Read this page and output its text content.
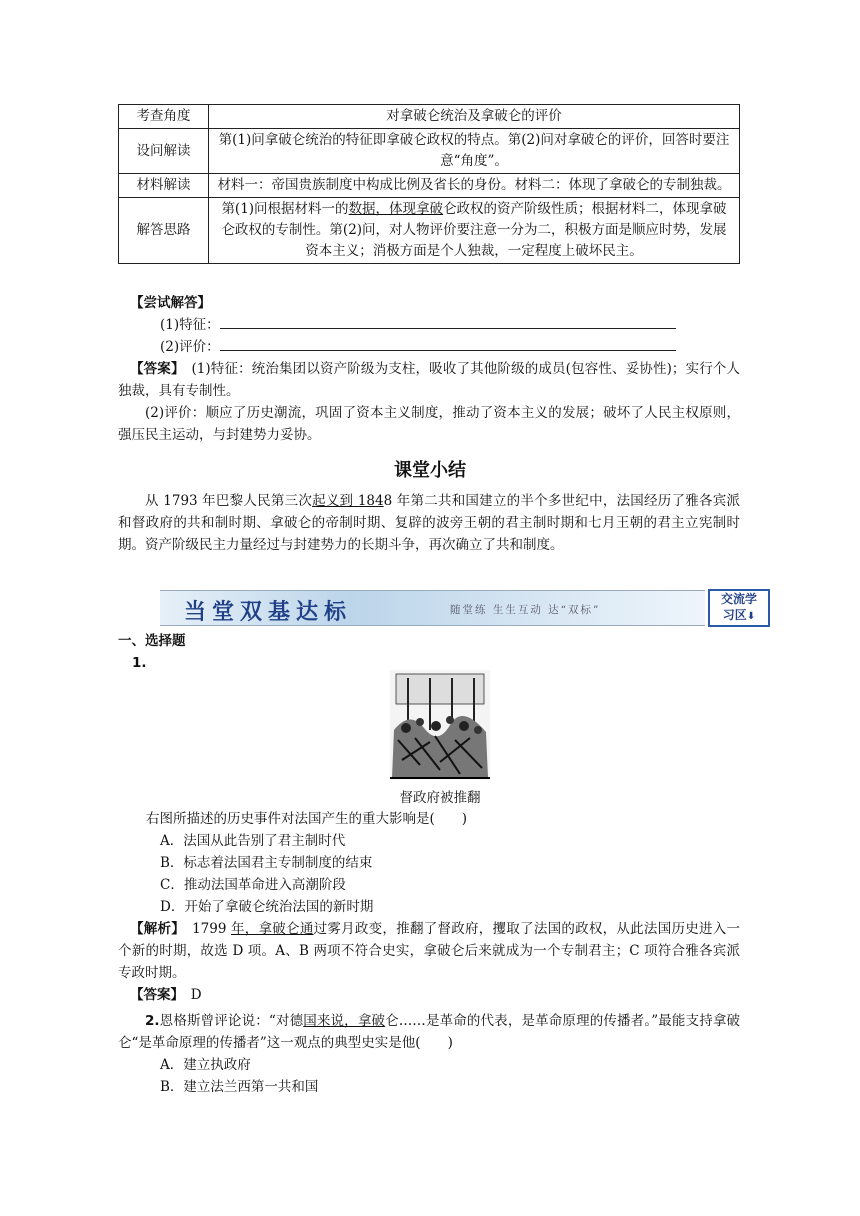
考查角度	对拿破仑统治及拿破仑的评价
设问解读	第(1)问拿破仑统治的特征即拿破仑政权的特点。第(2)问对拿破仑的评价，回答时要注意“角度”。
材料解读	材料一：帝国贵族制度中构成比例及省长的身份。材料二：体现了拿破仑的专制独裁。
解答思路	第(1)问根据材料一的数据，体现拿破仑政权的资产阶级性质；根据材料二，体现拿破仑政权的专制性。第(2)问，对人物评价要注意一分为二，积极方面是顺应时势，发展资本主义；消极方面是个人独裁，一定程度上破坏民主。
【尝试解答】
(1)特征：
(2)评价：
【答案】　 (1)特征：统治集团以资产阶级为支柱，吸收了其他阶级的成员(包容性、妥协性)；实行个人独裁，具有专制性。
(2)评价：顺应了历史潮流，巩固了资本主义制度，推动了资本主义的发展；破坏了人民主权原则，强压民主运动，与封建势力妥协。
课堂小结
从 1793 年巴黎人民第三次起义到 1848 年第二共和国建立的半个多世纪中，法国经历了雅各宾派和督政府的共和制时期、拿破仑的帝制时期、复辟的波旁王朝的君主制时期和七月王朝的君主立宪制时期。资产阶级民主力量经过与封建势力的长期斗争，再次确立了共和制度。
当堂双基达标	随堂练 生生互动 达“双标”
交流学
习区⬇
一、选择题
1.
督政府被推翻
右图所描述的历史事件对法国产生的重大影响是(　　)
A．法国从此告别了君主制时代
B．标志着法国君主专制制度的结束
C．推动法国革命进入高潮阶段
D．开始了拿破仑统治法国的新时期
【解析】　1799 年，拿破仑通过雾月政变，推翻了督政府，攫取了法国的政权，从此法国历史进入一个新的时期，故选 D 项。A、B 两项不符合史实，拿破仑后来就成为一个专制君主；C 项符合雅各宾派专政时期。
【答案】　 D
2.恩格斯曾评论说：“对德国来说，拿破仑……是革命的代表，是革命原理的传播者。”最能支持拿破仑“是革命原理的传播者”这一观点的典型史实是他(　　)
A．建立执政府
B．建立法兰西第一共和国
